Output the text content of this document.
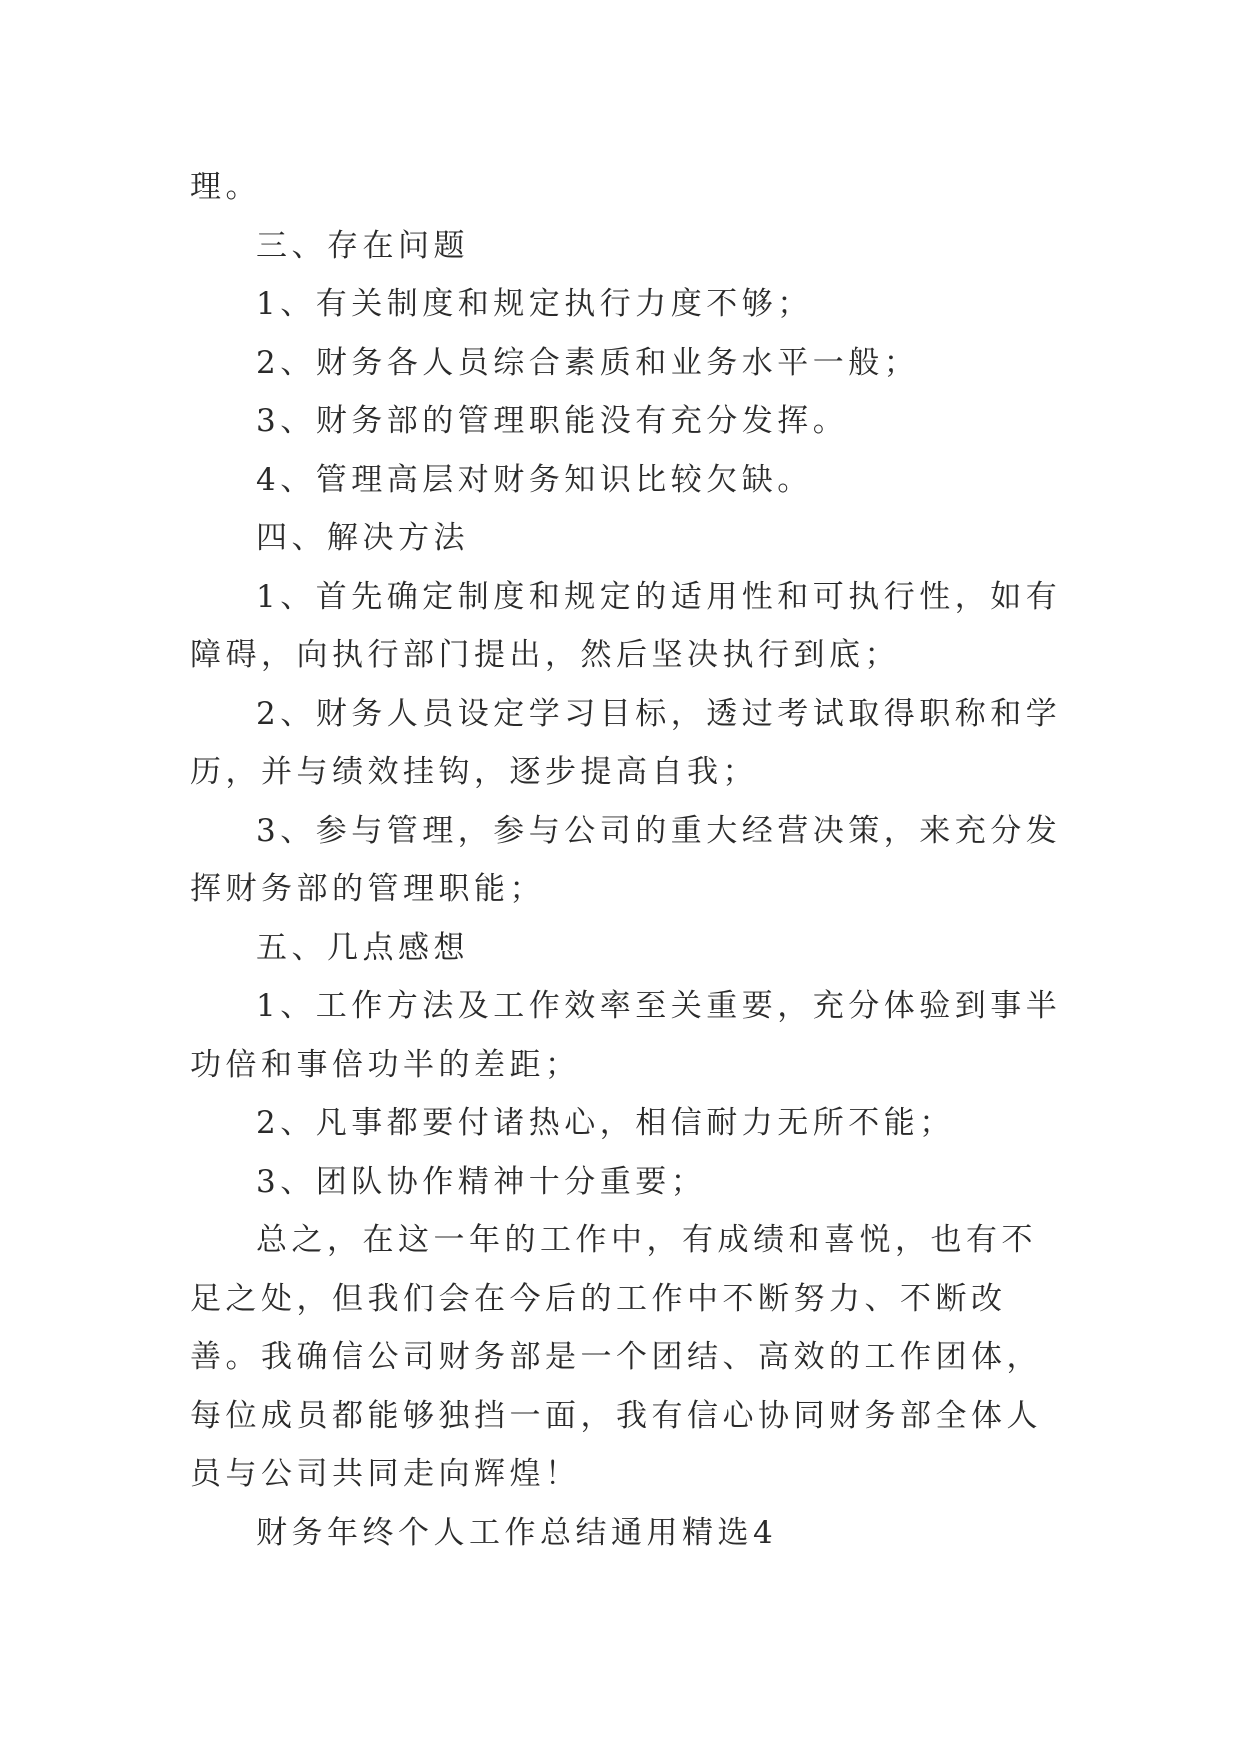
理。

三、存在问题

1、有关制度和规定执行力度不够；

2、财务各人员综合素质和业务水平一般；

3、财务部的管理职能没有充分发挥。

4、管理高层对财务知识比较欠缺。

四、解决方法

1、首先确定制度和规定的适用性和可执行性，如有障碍，向执行部门提出，然后坚决执行到底；

2、财务人员设定学习目标，透过考试取得职称和学历，并与绩效挂钩，逐步提高自我；

3、参与管理，参与公司的重大经营决策，来充分发挥财务部的管理职能；

五、几点感想

1、工作方法及工作效率至关重要，充分体验到事半功倍和事倍功半的差距；

2、凡事都要付诸热心，相信耐力无所不能；

3、团队协作精神十分重要；

总之，在这一年的工作中，有成绩和喜悦，也有不足之处，但我们会在今后的工作中不断努力、不断改善。我确信公司财务部是一个团结、高效的工作团体，每位成员都能够独挡一面，我有信心协同财务部全体人员与公司共同走向辉煌！

财务年终个人工作总结通用精选4
